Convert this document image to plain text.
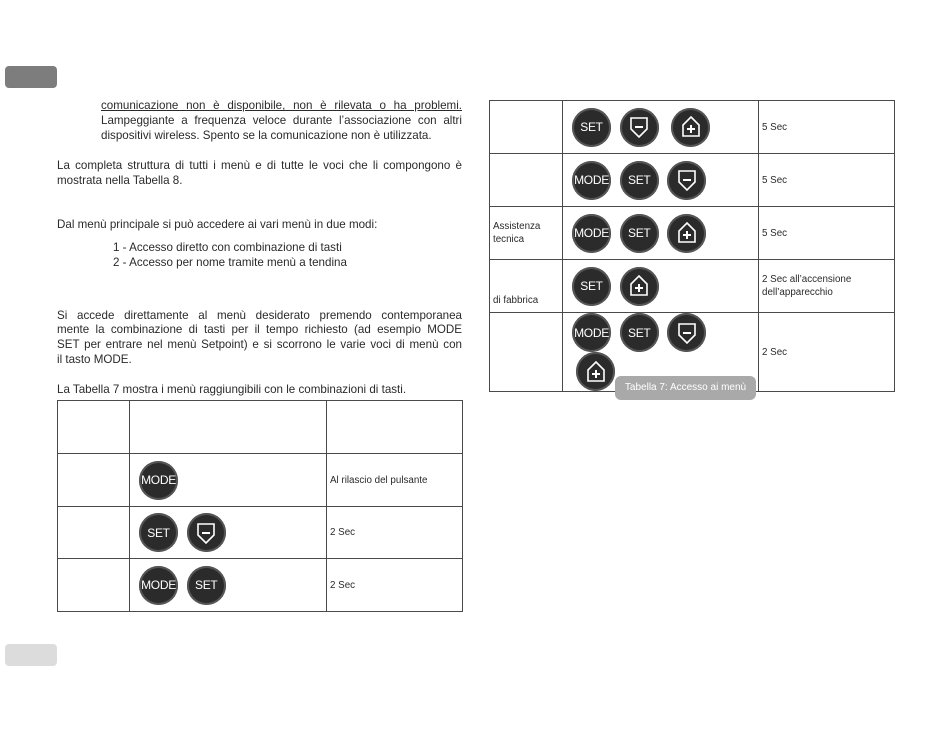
comunicazione non è disponibile, non è rilevata o ha problemi.
Lampeggiante a frequenza veloce durante l’associazione con altri
dispositivi wireless. Spento se la comunicazione non è utilizzata.
La completa struttura di tutti i menù e di tutte le voci che li compongono è
mostrata nella Tabella 8.
Dal menù principale si può accedere ai vari menù in due modi:
1 - Accesso diretto con combinazione di tasti
2 - Accesso per nome tramite menù a tendina
Si accede direttamente al menù desiderato premendo contemporanea
mente la combinazione di tasti per il tempo richiesto (ad esempio MODE
SET per entrare nel menù Setpoint) e si scorrono le varie voci di menù con
il tasto MODE.
La Tabella 7 mostra i menù raggiungibili con le combinazioni di tasti.

	MODE	Al rilascio del pulsante
	SET	2 Sec
	MODE SET	2 Sec
	SET	5 Sec
	MODE SET	5 Sec
Assistenza tecnica	MODE SET	5 Sec
di fabbrica	SET	2 Sec all’accensione dell’apparecchio
	MODE SET	2 Sec
Tabella 7: Accesso ai menù
